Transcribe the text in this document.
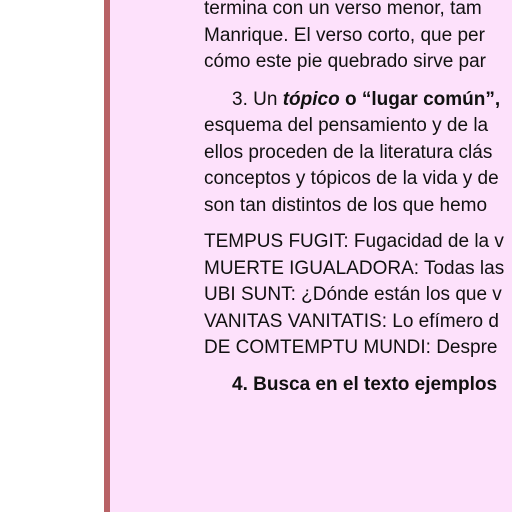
termina con un verso menor, tam
Manrique. El verso corto, que per
cómo este pie quebrado sirve par
3. Un tópico o “lugar común”,
esquema del pensamiento y de la
ellos proceden de la literatura clás
conceptos y tópicos de la vida y de
son tan distintos de los que hemo
TEMPUS FUGIT: Fugacidad de la v
MUERTE IGUALADORA: Todas las
UBI SUNT: ¿Dónde están los que v
VANITAS VANITATIS: Lo efímero d
DE COMTEMPTU MUNDI: Despre
4. Busca en el texto ejemplos
